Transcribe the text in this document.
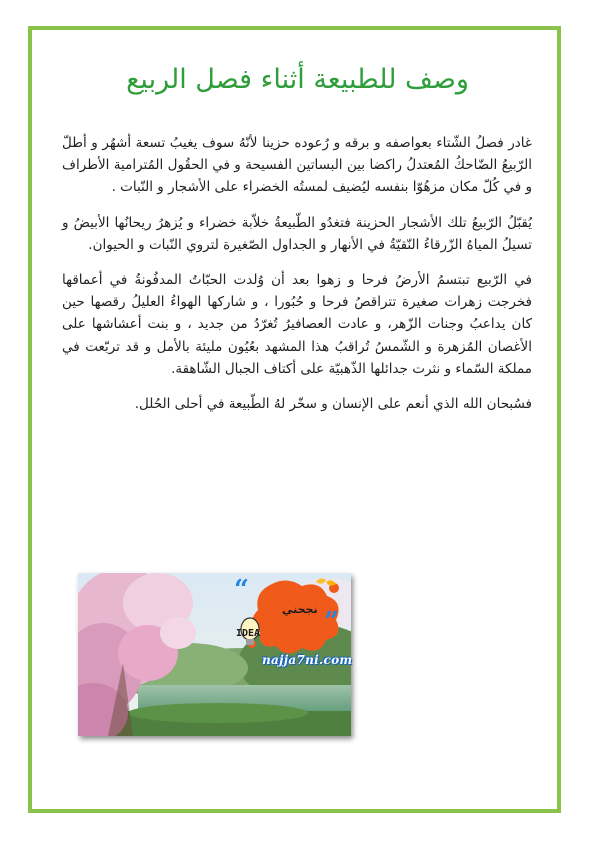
وصف للطبيعة أثناء فصل الربيع

غادر فصلُ الشّتاء بعواصفه و برقه و رُعوده حزينا لأنّهُ سوف يغيبُ تسعة أشهُر و أطلّ الرّبيعُ الضّاحكُ المُعتدلُ راكضا بين البساتين الفسيحة و في الحقُول المُترامية الأطراف و في كُلّ مكان مزهُوّا بنفسه ليُضيف لمستُه الخضراء على الأشجار و النّبات .

يُقبّلُ الرّبيعُ تلك الأشجار الحزينة فتغدُو الطّبيعةُ خلاّبة خضراء و يُزهرُ ريحانُها الأبيضُ و تسيلُ المياهُ الزّرقاءُ النّقيّةُ في الأنهار و الجداول الصّغيرة لتروي النّبات و الحيوان.

في الرّبيع تبتسمُ الأرضُ فرحا و زهوا بعد أن وُلدت الحبّاتُ المدفُونةُ في أعماقها فخرجت زهرات صغيرة تتراقصُ فرحا و حُبُورا ، و شاركها الهواءُ العليلُ رقصها حين كان يداعبُ وجنات الزّهر، و عادت العصافيرُ تُغرّدُ من جديد ، و بنت أعشاشها على الأغصان المُزهرة و الشّمسُ تُراقبُ هذا المشهد بعُيُون مليئة بالأمل و قد تربّعت في مملكة السّماء و نثرت جدائلها الذّهبيّة على أكتاف الجبال الشّاهقة.

فسُبحان الله الذي أنعم على الإنسان و سخّر لهُ الطّبيعة في أحلى الحُلل.

“
”
نجحني
IDEA
najja7ni.com
